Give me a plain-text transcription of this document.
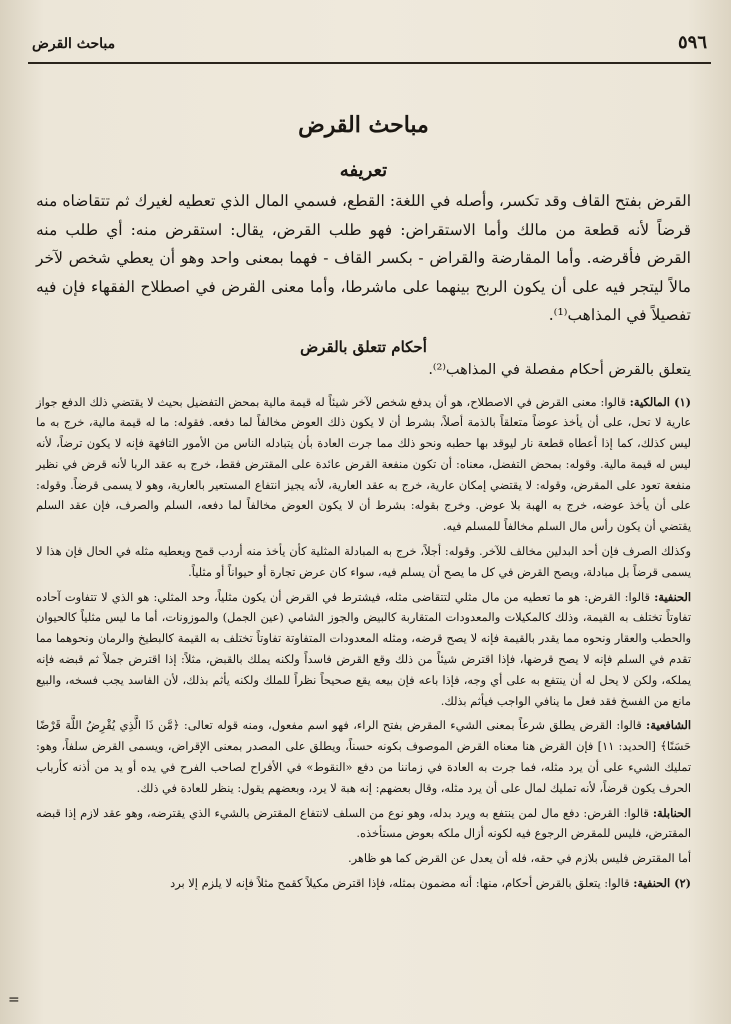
٥٩٦
مباحث القرض
مباحث القرض
تعريفه

القرض بفتح القاف وقد تكسر، وأصله في اللغة: القطع، فسمي المال الذي تعطيه لغيرك ثم تتقاضاه منه قرضاً لأنه قطعة من مالك وأما الاستقراض: فهو طلب القرض، يقال: استقرض منه: أي طلب منه القرض فأقرضه. وأما المقارضة والقراض - بكسر القاف - فهما بمعنى واحد وهو أن يعطي شخص لآخر مالاً ليتجر فيه على أن يكون الربح بينهما على ماشرطا، وأما معنى القرض في اصطلاح الفقهاء فإن فيه تفصيلاً في المذاهب⁽¹⁾.

أحكام تتعلق بالقرض

يتعلق بالقرض أحكام مفصلة في المذاهب⁽²⁾.

(١) المالكية: قالوا: معنى القرض في الاصطلاح، هو أن يدفع شخص لآخر شيئاً له قيمة مالية بمحض التفضيل بحيث لا يقتضي ذلك الدفع جواز عارية لا تحل، على أن يأخذ عوضاً متعلقاً بالذمة أصلاً، بشرط أن لا يكون ذلك العوض مخالفاً لما دفعه. فقوله: ما له قيمة مالية، خرج به ما ليس كذلك، كما إذا أعطاه قطعة نار ليوقد بها حطبه ونحو ذلك مما جرت العادة بأن يتبادله الناس من الأمور التافهة فإنه لا يكون ترضاً، لأنه ليس له قيمة مالية. وقوله: بمحض التفضل، معناه: أن تكون منفعة القرض عائدة على المقترض فقط، خرج به عقد الربا لأنه قرض في نظير منفعة تعود على المقرض، وقوله: لا يقتضي إمكان عارية، خرج به عقد العارية، لأنه يجيز انتفاع المستعير بالعارية، وهو لا يسمى قرضاً. وقوله: على أن يأخذ عوضه، خرج به الهبة بلا عوض. وخرج بقوله: بشرط أن لا يكون العوض مخالفاً لما دفعه، السلم والصرف، فإن عقد السلم يقتضي أن يكون رأس مال السلم مخالفاً للمسلم فيه.

وكذلك الصرف فإن أحد البدلين مخالف للآخر. وقوله: أجلاً، خرج به المبادلة المثلية كأن يأخذ منه أردب قمح ويعطيه مثله في الحال فإن هذا لا يسمى قرضاً بل مبادلة، ويصح القرض في كل ما يصح أن يسلم فيه، سواء كان عرض تجارة أو حيواناً أو مثلياً.

الحنفية: قالوا: القرض: هو ما تعطيه من مال مثلي لتتقاضى مثله، فيشترط في القرض أن يكون مثلياً، وحد المثلي: هو الذي لا تتفاوت آحاده تفاوتاً تختلف به القيمة، وذلك كالمكيلات والمعدودات المتقاربة كالبيض والجوز الشامي (عين الجمل) والموزونات، أما ما ليس مثلياً كالحيوان والحطب والعقار ونحوه مما يقدر بالقيمة فإنه لا يصح قرضه، ومثله المعدودات المتفاوتة تفاوتاً تختلف به القيمة كالبطيخ والرمان ونحوهما مما تقدم في السلم فإنه لا يصح قرضها، فإذا اقترض شيئاً من ذلك وقع القرض فاسداً ولكنه يملك بالقبض، مثلاً: إذا اقترض جملاً ثم قبضه فإنه يملكه، ولكن لا يحل له أن ينتفع به على أي وجه، فإذا باعه فإن بيعه يقع صحيحاً نظراً للملك ولكنه يأثم بذلك، لأن الفاسد يجب فسخه، والبيع مانع من الفسخ فقد فعل ما ينافي الواجب فيأثم بذلك.

الشافعية: قالوا: القرض يطلق شرعاً بمعنى الشيء المقرض بفتح الراء، فهو اسم مفعول، ومنه قوله تعالى: ﴿مَّن ذَا الَّذِي يُقْرِضُ اللَّهَ قَرْضًا حَسَنًا﴾ [الحديد: ١١] فإن القرض هنا معناه القرض الموصوف بكونه حسناً، ويطلق على المصدر بمعنى الإقراض، ويسمى القرض سلفاً، وهو: تمليك الشيء على أن يرد مثله، فما جرت به العادة في زماننا من دفع «النقوط» في الأفراح لصاحب الفرح في يده أو يد من أذنه كأرباب الحرف يكون قرضاً، لأنه تمليك لمال على أن يرد مثله، وقال بعضهم: إنه هبة لا يرد، وبعضهم يقول: ينظر للعادة في ذلك.

الحنابلة: قالوا: القرض: دفع مال لمن ينتفع به ويرد بدله، وهو نوع من السلف لانتفاع المقترض بالشيء الذي يقترضه، وهو عقد لازم إذا قبضه المقترض، فليس للمقرض الرجوع فيه لكونه أزال ملكه بعوض مستأخذه.

أما المقترض فليس بلازم في حقه، فله أن يعدل عن القرض كما هو ظاهر.

(٢) الحنفية: قالوا: يتعلق بالقرض أحكام، منها: أنه مضمون بمثله، فإذا اقترض مكيلاً كقمح مثلاً فإنه لا يلزم إلا برد

=
